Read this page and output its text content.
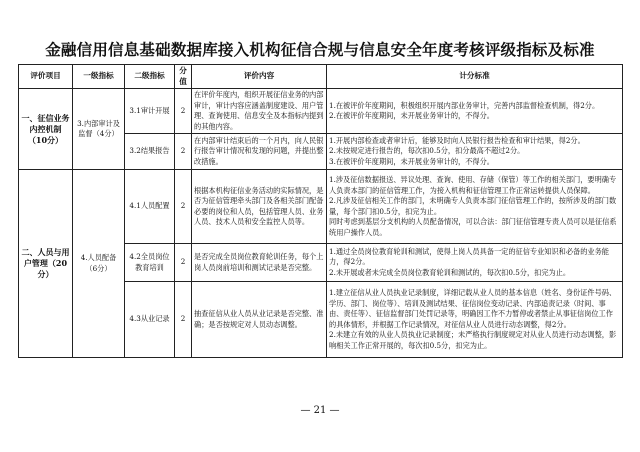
金融信用信息基础数据库接入机构征信合规与信息安全年度考核评级指标及标准
评价项目	一级指标	二级指标	分值	评价内容	计分标准
一、征信业务内控机制（10分）	3.内部审计及监督（4分）	3.1审计开展	2	在评价年度内，组织开展征信业务的内部审计，审计内容应涵盖制度建设、用户管理、查询使用、信息安全及本指标内提到的其他内容。	1.在被评价年度期间，积极组织开展内部业务审计，完善内部监督检查机制，得2分。
2.在被评价年度期间，未开展业务审计的，不得分。

		3.2结果报告	2	在内部审计结束后的一个月内，向人民银行报告审计情况和发现的问题，并提出整改措施。	1.开展内部检查或者审计后，能够及时向人民银行报告检查和审计结果，得2分。
2.未按规定进行报告的，每次扣0.5分，扣分最高不超过2分。
3.在被评价年度期间，未开展业务审计的，不得分。

二、人员与用户管理（20分）	4.人员配备（6分）	4.1人员配置	2	根据本机构征信业务活动的实际情况，是否为征信管理牵头部门及各相关部门配备必要的岗位和人员，包括管理人员、业务人员、技术人员和安全监控人员等。	1.涉及征信数据报送、异议处理、查询、使用、存储（保管）等工作的相关部门，要明确专人负责本部门的征信管理工作，为接入机构和征信管理工作正常运转提供人员保障。
2.凡涉及征信相关工作的部门，未明确专人负责本部门征信管理工作的，按所涉及的部门数量，每个部门扣0.5分，扣完为止。
同时考虑到基层分支机构的人员配备情况，可以合法：部门征信管理专责人员可以是征信系统用户操作人员。

		4.2全员岗位教育培训	2	是否完成全员岗位教育轮训任务，每个上岗人员岗前培训和测试记录是否完整。	1.通过全员岗位教育轮训和测试，使得上岗人员具备一定的征信专业知识和必备的业务能力，得2分。
2.未开展或者未完成全员岗位教育轮训和测试的，每次扣0.5分，扣完为止。

		4.3从业记录	2	抽查征信从业人员从业记录是否完整、准确；是否按规定对人员动态调整。	1.建立征信从业人员执业记录制度，详细记载从业人员的基本信息（姓名、身份证件号码、学历、部门、岗位等）、培训及测试结果、征信岗位变动记录、内部追责记录（时间、事由、责任等）、征信监督部门处罚记录等，明确因工作不力暂停或者禁止从事征信岗位工作的具体情形，并根据工作记录情况，对征信从业人员进行动态调整，得2分。
2.未建立有效的从业人员执业记录制度；未严格执行制度规定对从业人员进行动态调整，影响相关工作正常开展的，每次扣0.5分，扣完为止。
— 21 —
